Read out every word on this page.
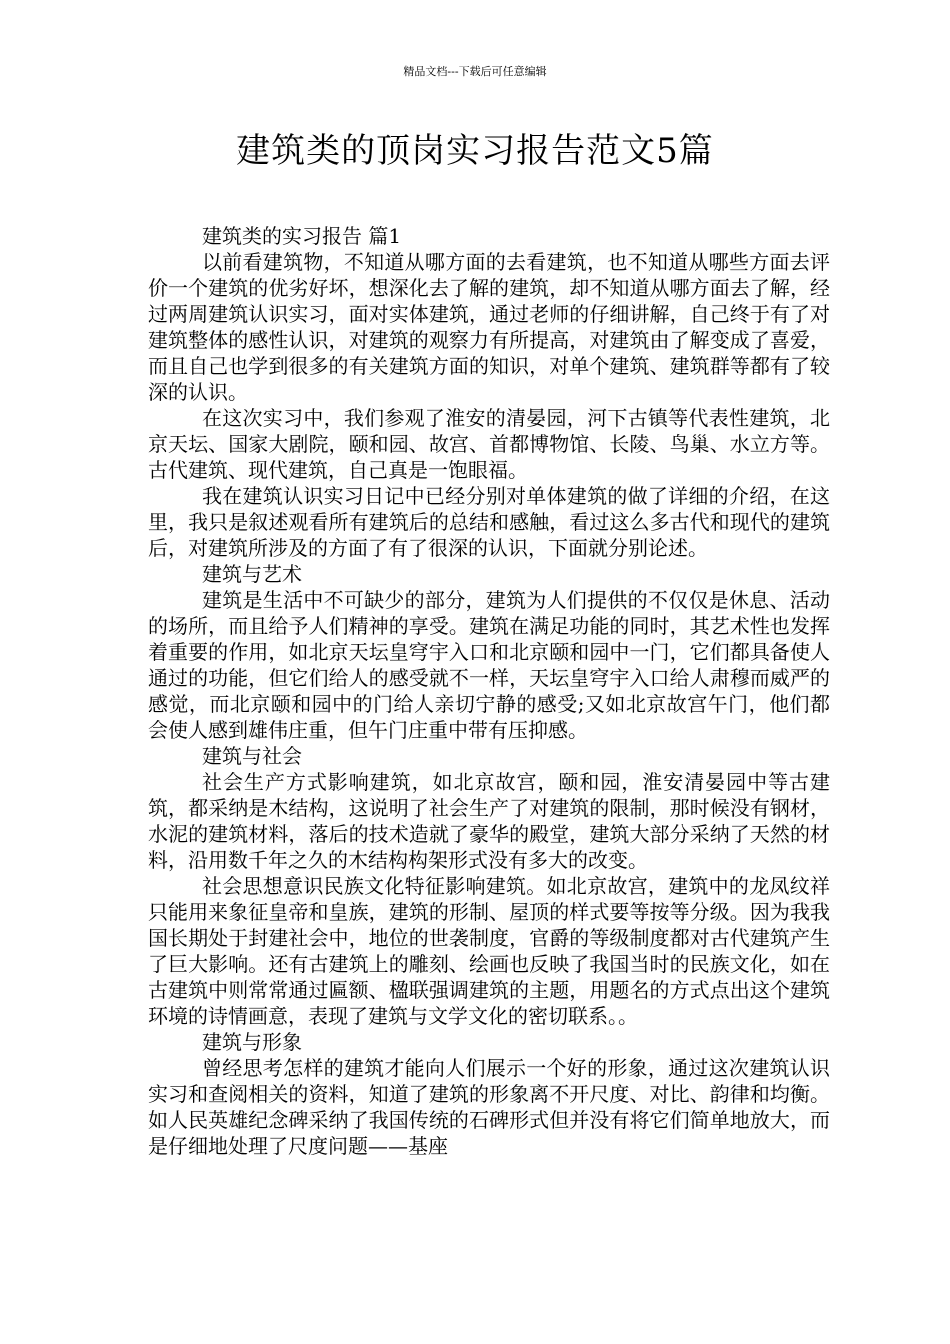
精品文档---下载后可任意编辑
建筑类的顶岗实习报告范文5篇

建筑类的实习报告 篇1

以前看建筑物，不知道从哪方面的去看建筑，也不知道从哪些方面去评价一个建筑的优劣好坏，想深化去了解的建筑，却不知道从哪方面去了解，经过两周建筑认识实习，面对实体建筑，通过老师的仔细讲解，自己终于有了对建筑整体的感性认识，对建筑的观察力有所提高，对建筑由了解变成了喜爱，而且自己也学到很多的有关建筑方面的知识，对单个建筑、建筑群等都有了较深的认识。

在这次实习中，我们参观了淮安的清晏园，河下古镇等代表性建筑，北京天坛、国家大剧院，颐和园、故宫、首都博物馆、长陵、鸟巢、水立方等。古代建筑、现代建筑，自己真是一饱眼福。

我在建筑认识实习日记中已经分别对单体建筑的做了详细的介绍，在这里，我只是叙述观看所有建筑后的总结和感触，看过这么多古代和现代的建筑后，对建筑所涉及的方面了有了很深的认识，下面就分别论述。

建筑与艺术

建筑是生活中不可缺少的部分，建筑为人们提供的不仅仅是休息、活动的场所，而且给予人们精神的享受。建筑在满足功能的同时，其艺术性也发挥着重要的作用，如北京天坛皇穹宇入口和北京颐和园中一门，它们都具备使人通过的功能，但它们给人的感受就不一样，天坛皇穹宇入口给人肃穆而威严的感觉，而北京颐和园中的门给人亲切宁静的感受;又如北京故宫午门，他们都会使人感到雄伟庄重，但午门庄重中带有压抑感。

建筑与社会

社会生产方式影响建筑，如北京故宫，颐和园，淮安清晏园中等古建筑，都采纳是木结构，这说明了社会生产了对建筑的限制，那时候没有钢材，水泥的建筑材料，落后的技术造就了豪华的殿堂，建筑大部分采纳了天然的材料，沿用数千年之久的木结构构架形式没有多大的改变。

社会思想意识民族文化特征影响建筑。如北京故宫，建筑中的龙凤纹祥只能用来象征皇帝和皇族，建筑的形制、屋顶的样式要等按等分级。因为我我国长期处于封建社会中，地位的世袭制度，官爵的等级制度都对古代建筑产生了巨大影响。还有古建筑上的雕刻、绘画也反映了我国当时的民族文化，如在古建筑中则常常通过匾额、楹联强调建筑的主题，用题名的方式点出这个建筑环境的诗情画意，表现了建筑与文学文化的密切联系。。

建筑与形象

曾经思考怎样的建筑才能向人们展示一个好的形象，通过这次建筑认识实习和查阅相关的资料，知道了建筑的形象离不开尺度、对比、韵律和均衡。如人民英雄纪念碑采纳了我国传统的石碑形式但并没有将它们简单地放大，而是仔细地处理了尺度问题——基座
